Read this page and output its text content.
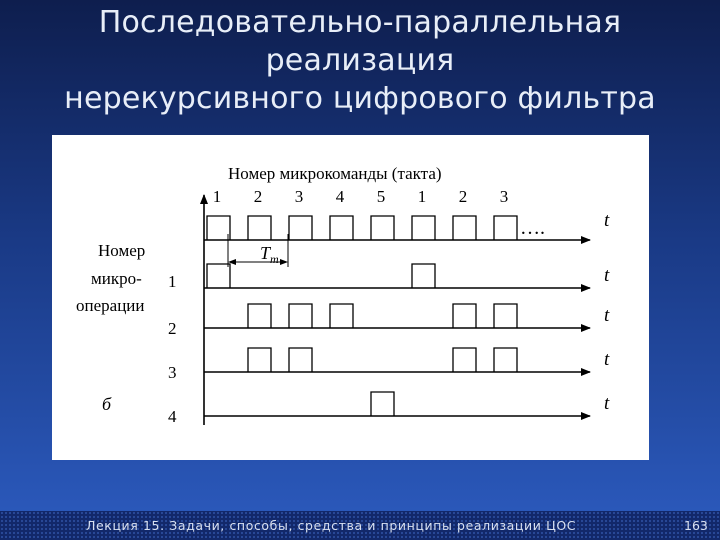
Последовательно-параллельная реализация
нерекурсивного цифрового фильтра
Номер микрокоманды (такта)
Номер
микро-
операции
б
$T_т$
….	t
t
1
t
2
t
3
t
4
1 2 3 4 5 1 2 3
Лекция 15. Задачи, способы, средства и принципы реализации ЦОС	163
